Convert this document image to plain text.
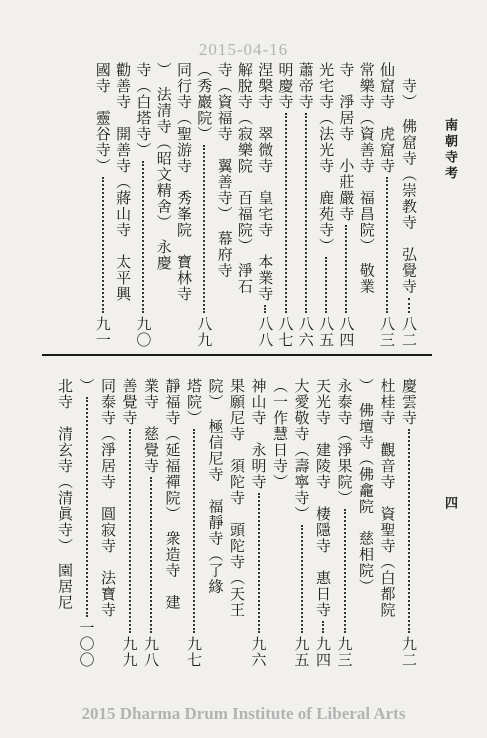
2015-04-16
南朝寺考
寺）　佛窟寺（崇教寺　弘覺寺
八二
仙窟寺　虎窟寺
八三
常樂寺（資善寺　福昌院）　敬業
寺　淨居寺　小莊嚴寺
八四
光宅寺（法光寺　鹿苑寺）
八五
蕭帝寺
八六
明慶寺
八七
涅槃寺　翠微寺　皇宅寺　本業寺
八八
解脫寺（寂樂院　百福院）　淨石
寺（資福寺　翼善寺）　幕府寺
（秀巖院）
八九
同行寺（聖游寺　秀峯院　寶林寺
）　法清寺（昭文精舍）　永慶
寺（白塔寺）
九〇
勸善寺　開善寺（蔣山寺　太平興
國寺　靈谷寺）
九一
四
慶雲寺
九二
杜桂寺　觀音寺　資聖寺（白都院
）　佛壇寺（佛龕院　慈相院）
永泰寺（淨果院）
九三
天光寺　建陵寺　棲隱寺　惠日寺
九四
大愛敬寺（壽寧寺）
九五
（一作慧日寺）
神山寺　永明寺
九六
果願尼寺　須陀寺　頭陀寺（天王
院）　極信尼寺　福靜寺（了緣
塔院）
九七
靜福寺（延福禪院）　衆造寺　建
業寺　慈覺寺
九八
善覺寺
九九
同泰寺（淨居寺　圓寂寺　法寶寺
）
一〇〇
北寺　清玄寺（清眞寺）　園居尼
2015 Dharma Drum Institute of Liberal Arts
